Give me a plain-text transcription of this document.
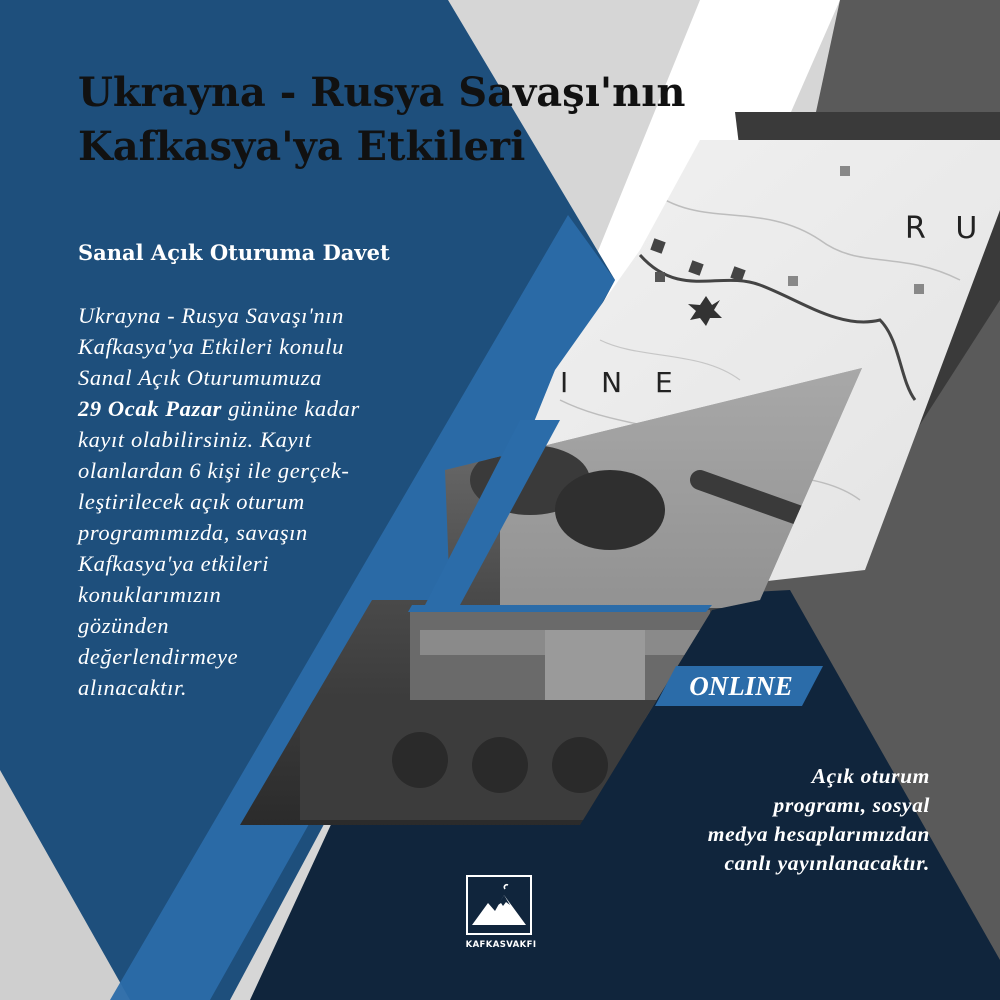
R U
I N E
Ukrayna - Rusya Savaşı'nın
Kafkasya'ya Etkileri
Sanal Açık Oturuma Davet

Ukrayna - Rusya Savaşı'nın
Kafkasya'ya Etkileri konulu
Sanal Açık Oturumumuza
29 Ocak Pazar gününe kadar
kayıt olabilirsiniz. Kayıt
olanlardan 6 kişi ile gerçek-
leştirilecek açık oturum
programımızda, savaşın
Kafkasya'ya etkileri
konuklarımızın
gözünden
değerlendirmeye
alınacaktır.	ONLINE

Açık oturum
programı, sosyal
medya hesaplarımızdan
canlı yayınlanacaktır.

KAFKASVAKFI
